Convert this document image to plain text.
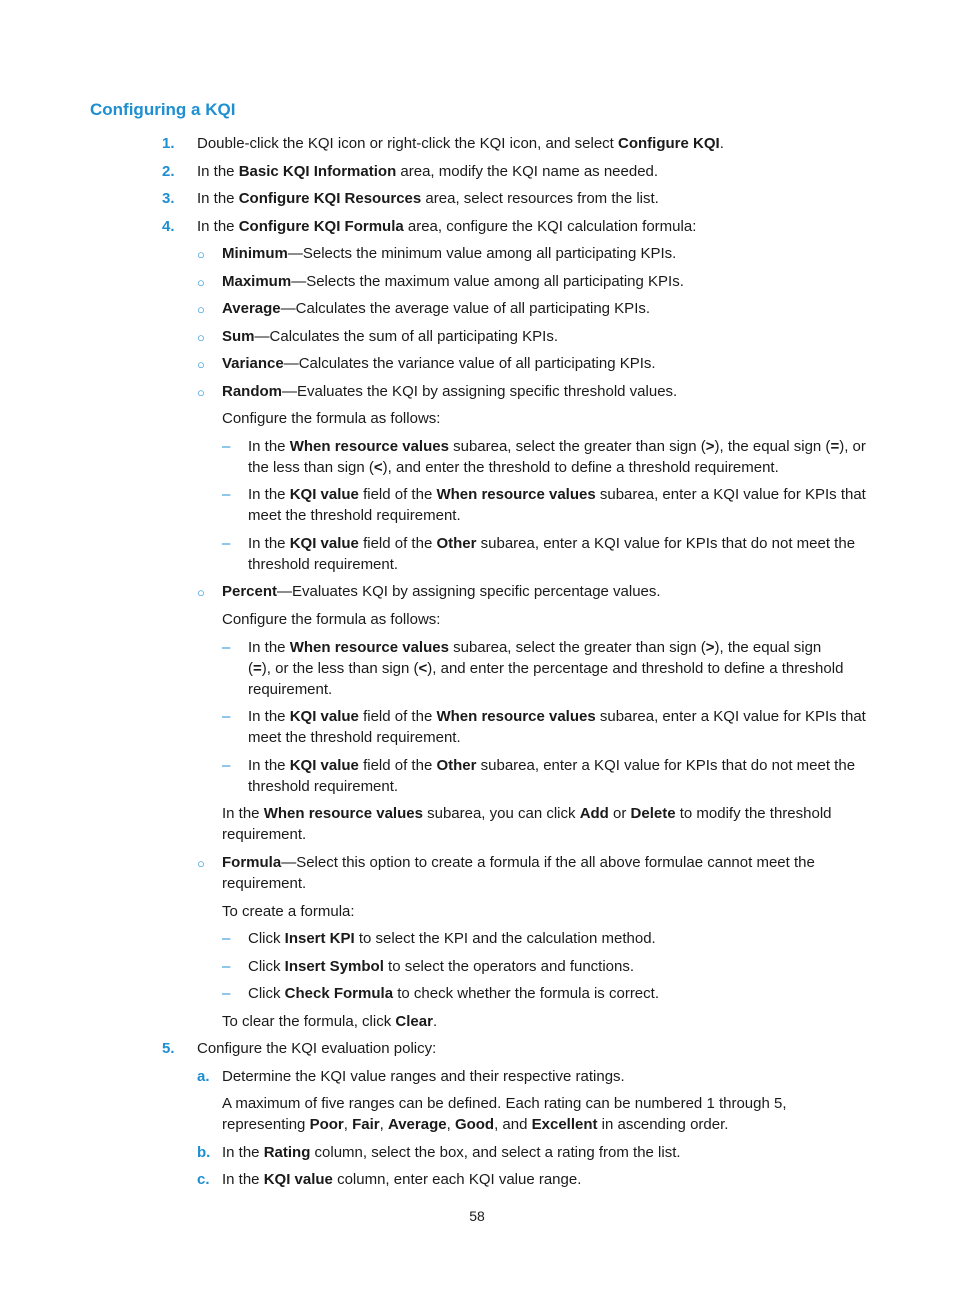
Configuring a KQI
1. Double-click the KQI icon or right-click the KQI icon, and select Configure KQI.
2. In the Basic KQI Information area, modify the KQI name as needed.
3. In the Configure KQI Resources area, select resources from the list.
4. In the Configure KQI Formula area, configure the KQI calculation formula:
○ Minimum—Selects the minimum value among all participating KPIs.
○ Maximum—Selects the maximum value among all participating KPIs.
○ Average—Calculates the average value of all participating KPIs.
○ Sum—Calculates the sum of all participating KPIs.
○ Variance—Calculates the variance value of all participating KPIs.
○ Random—Evaluates the KQI by assigning specific threshold values.
Configure the formula as follows:
– In the When resource values subarea, select the greater than sign (>), the equal sign (=), or the less than sign (<), and enter the threshold to define a threshold requirement.
– In the KQI value field of the When resource values subarea, enter a KQI value for KPIs that meet the threshold requirement.
– In the KQI value field of the Other subarea, enter a KQI value for KPIs that do not meet the threshold requirement.
○ Percent—Evaluates KQI by assigning specific percentage values.
Configure the formula as follows:
– In the When resource values subarea, select the greater than sign (>), the equal sign (=), or the less than sign (<), and enter the percentage and threshold to define a threshold requirement.
– In the KQI value field of the When resource values subarea, enter a KQI value for KPIs that meet the threshold requirement.
– In the KQI value field of the Other subarea, enter a KQI value for KPIs that do not meet the threshold requirement.
In the When resource values subarea, you can click Add or Delete to modify the threshold requirement.
○ Formula—Select this option to create a formula if the all above formulae cannot meet the requirement.
To create a formula:
– Click Insert KPI to select the KPI and the calculation method.
– Click Insert Symbol to select the operators and functions.
– Click Check Formula to check whether the formula is correct.
To clear the formula, click Clear.
5. Configure the KQI evaluation policy:
a. Determine the KQI value ranges and their respective ratings.
A maximum of five ranges can be defined. Each rating can be numbered 1 through 5, representing Poor, Fair, Average, Good, and Excellent in ascending order.
b. In the Rating column, select the box, and select a rating from the list.
c. In the KQI value column, enter each KQI value range.
58
